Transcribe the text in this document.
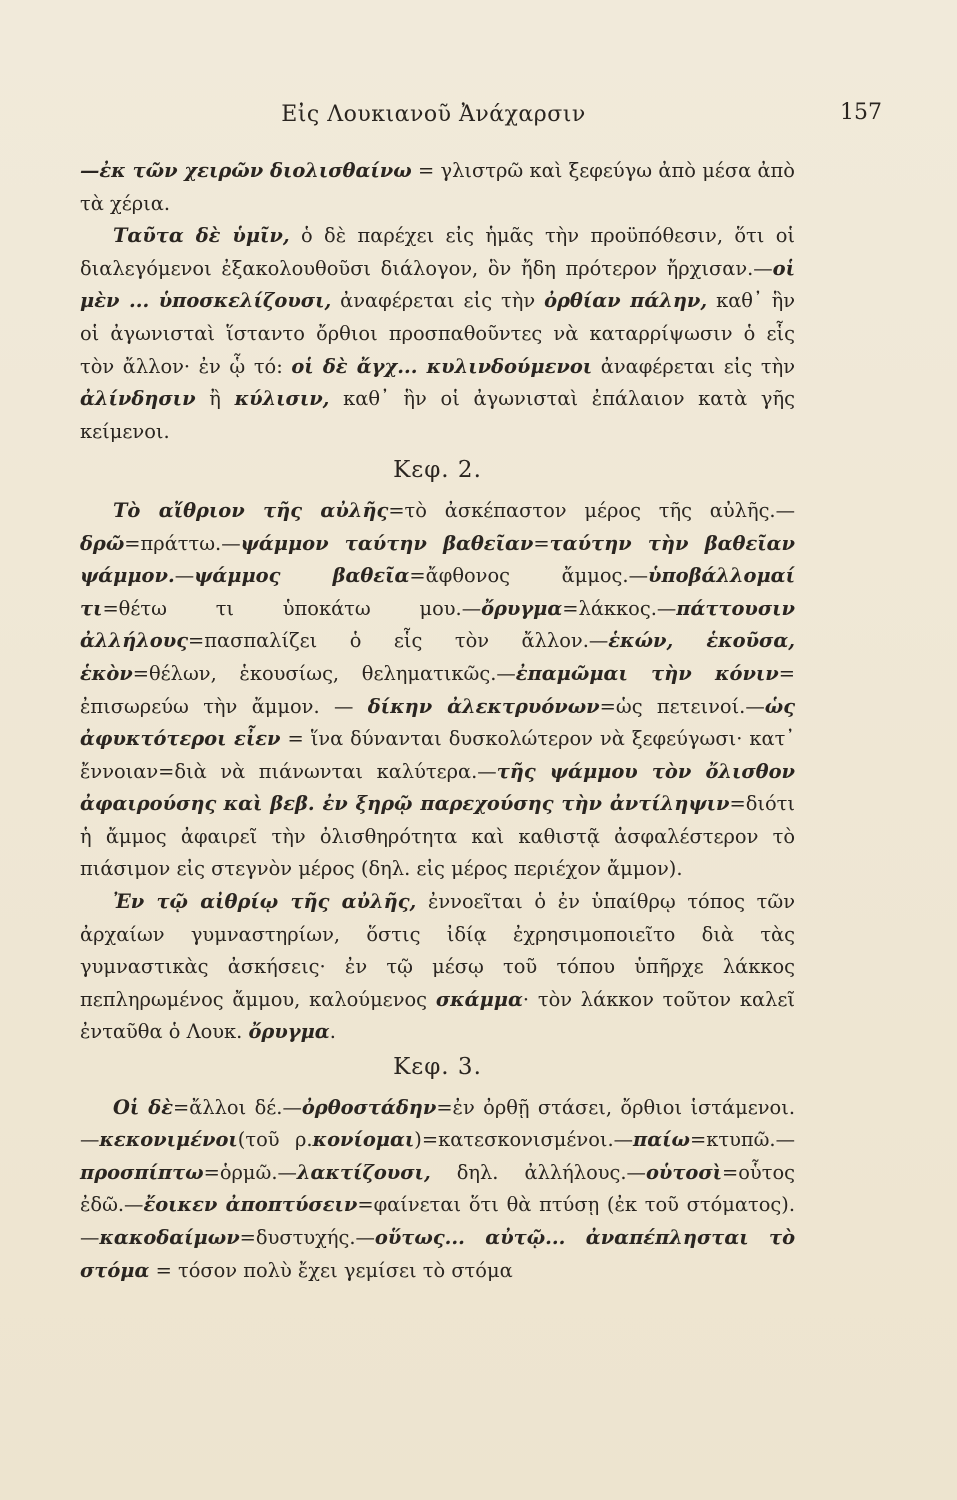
Εἰς Λουκιανοῦ Ἀνάχαρσιν	157

—ἐκ τῶν χειρῶν διολισθαίνω = γλιστρῶ καὶ ξεφεύγω ἀπὸ μέσα ἀπὸ τὰ χέρια.

Ταῦτα δὲ ὑμῖν, ὁ δὲ παρέχει εἰς ἡμᾶς τὴν προϋπόθεσιν, ὅτι οἱ διαλεγόμενοι ἐξακολουθοῦσι διάλογον, ὃν ἤδη πρότερον ἤρχισαν.—οἱ μὲν ... ὑποσκελίζουσι, ἀναφέρεται εἰς τὴν ὀρθίαν πάλην, καθ᾿ ἣν οἱ ἀγωνισταὶ ἵσταντο ὄρθιοι προσπαθοῦντες νὰ καταρρίψωσιν ὁ εἷς τὸν ἄλλον· ἐν ᾧ τό: οἱ δὲ ἄγχ... κυλινδούμενοι ἀναφέρεται εἰς τὴν ἀλίνδησιν ἢ κύλισιν, καθ᾿ ἣν οἱ ἀγωνισταὶ ἐπάλαιον κατὰ γῆς κείμενοι.

Κεφ. 2.

Τὸ αἴθριον τῆς αὐλῆς=τὸ ἀσκέπαστον μέρος τῆς αὐλῆς.—δρῶ=πράττω.—ψάμμον ταύτην βαθεῖαν=ταύτην τὴν βαθεῖαν ψάμμον.—ψάμμος βαθεῖα=ἄφθονος ἄμμος.—ὑποβάλλομαί τι=θέτω τι ὑποκάτω μου.—ὄρυγμα=λάκκος.—πάττουσιν ἀλλήλους=πασπαλίζει ὁ εἷς τὸν ἄλλον.—ἑκών, ἑκοῦσα, ἑκὸν=θέλων, ἑκουσίως, θεληματικῶς.—ἐπαμῶμαι τὴν κόνιν= ἐπισωρεύω τὴν ἄμμον. — δίκην ἀλεκτρυόνων=ὡς πετεινοί.—ὡς ἀφυκτότεροι εἶεν = ἵνα δύνανται δυσκολώτερον νὰ ξεφεύγωσι· κατ᾿ ἔννοιαν=διὰ νὰ πιάνωνται καλύτερα.—τῆς ψάμμου τὸν ὄλισθον ἀφαιρούσης καὶ βεβ. ἐν ξηρῷ παρεχούσης τὴν ἀντίληψιν=διότι ἡ ἄμμος ἀφαιρεῖ τὴν ὀλισθηρότητα καὶ καθιστᾷ ἀσφαλέστερον τὸ πιάσιμον εἰς στεγνὸν μέρος (δηλ. εἰς μέρος περιέχον ἄμμον).

Ἐν τῷ αἰθρίῳ τῆς αὐλῆς, ἐννοεῖται ὁ ἐν ὑπαίθρῳ τόπος τῶν ἀρχαίων γυμναστηρίων, ὅστις ἰδίᾳ ἐχρησιμοποιεῖτο διὰ τὰς γυμναστικὰς ἀσκήσεις· ἐν τῷ μέσῳ τοῦ τόπου ὑπῆρχε λάκκος πεπληρωμένος ἄμμου, καλούμενος σκάμμα· τὸν λάκκον τοῦτον καλεῖ ἐνταῦθα ὁ Λουκ. ὄρυγμα.

Κεφ. 3.

Οἱ δὲ=ἄλλοι δέ.—ὀρθοστάδην=ἐν ὀρθῇ στάσει, ὄρθιοι ἱστάμενοι.—κεκονιμένοι(τοῦ ρ.κονίομαι)=κατεσκονισμένοι.—παίω=κτυπῶ.—προσπίπτω=ὁρμῶ.—λακτίζουσι, δηλ. ἀλλήλους.—οὑτοσὶ=οὗτος ἐδῶ.—ἔοικεν ἀποπτύσειν=φαίνεται ὅτι θὰ πτύσῃ (ἐκ τοῦ στόματος).—κακοδαίμων=δυστυχής.—οὕτως... αὐτῷ... ἀναπέπλησται τὸ στόμα = τόσον πολὺ ἔχει γεμίσει τὸ στόμα
